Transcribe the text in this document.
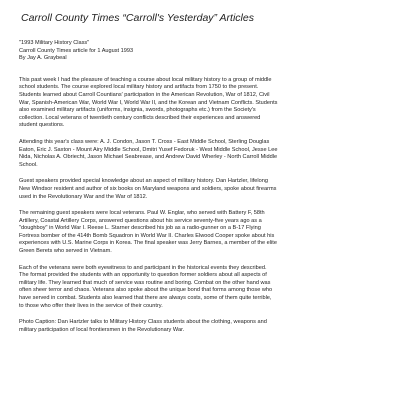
Carroll County Times “Carroll's Yesterday” Articles
"1993 Military History Class"
Carroll County Times article for 1 August 1993
By Jay A. Graybeal
This past week I had the pleasure of teaching a course about local military history to a group of middle
school students. The course explored local military history and artifacts from 1750 to the present.
Students learned about Carroll Countians' participation in the American Revolution, War of 1812, Civil
War, Spanish-American War, World War I, World War II, and the Korean and Vietnam Conflicts. Students
also examined military artifacts (uniforms, insignia, swords, photographs etc.) from the Society's
collection. Local veterans of twentieth century conflicts described their experiences and answered
student questions.
Attending this year's class were: A. J. Condon, Jason T. Cross - East Middle School, Sterling Douglas
Eaton, Eric J. Saxton - Mount Airy Middle School, Dmitri Yusef Fedoruk - West Middle School, Jesse Lee
Nida, Nicholas A. Obriecht, Jason Michael Seabrease, and Andrew David Wherley - North Carroll Middle
School.
Guest speakers provided special knowledge about an aspect of military history. Dan Hartzler, lifelong
New Windsor resident and author of six books on Maryland weapons and soldiers, spoke about firearms
used in the Revolutionary War and the War of 1812.
The remaining guest speakers were local veterans. Paul W. Englar, who served with Battery F, 58th
Artillery, Coastal Artillery Corps, answered questions about his service seventy-five years ago as a
"doughboy" in World War I. Reese L. Starner described his job as a radio-gunner on a B-17 Flying
Fortress bomber of the 414th Bomb Squadron in World War II. Charles Elwood Cooper spoke about his
experiences with U.S. Marine Corps in Korea. The final speaker was Jerry Barnes, a member of the elite
Green Berets who served in Vietnam.
Each of the veterans were both eyewitness to and participant in the historical events they described.
The format provided the students with an opportunity to question former soldiers about all aspects of
military life. They learned that much of service was routine and boring. Combat on the other hand was
often sheer terror and chaos. Veterans also spoke about the unique bond that forms among those who
have served in combat. Students also learned that there are always costs, some of them quite terrible,
to those who offer their lives in the service of their country.
Photo Caption: Dan Hartzler talks to Military History Class students about the clothing, weapons and
military participation of local frontiersmen in the Revolutionary War.
